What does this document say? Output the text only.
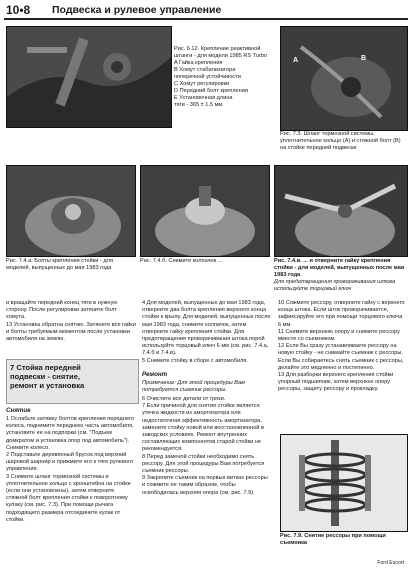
10•8 Подвеска и рулевое управление
Рис. 6.12. Крепление реактивной штанги - для модели 1985 RS Turbo
A Гайка крепления
B Хомут стабилизатора
поперечной устойчивости
C Хомут регулировки
D Передний болт крепления
E Установочная длина
тяги - 365 ± 1.5 мм
A	B
Рис. 7.3. Шланг тормозной системы, уплотнительное кольцо (A) и стяжной болт (B) на стойке передней подвески
Рис. 7.4.а. Болты крепления стойки - для моделей, выпущенных до мая 1983 года
Рис. 7.4.б. Снимите колпачок ...	Рис. 7.4.в. ... и отверните гайку крепления стойки - для моделей, выпущенных после мая 1983 года
Для предотвращения проворачивания штока используйте торцовый ключ
и вращайте передний конец тяги в нужную сторону. После регулировки затяните болт хомута.
13 Установка обратна снятию. Затяните все гайки и болты требуемым моментом после установки автомобиля на землю.
7 Стойка передней
подвески - снятие,
ремонт и установка
Снятие
1 Ослабьте затяжку болтов крепления переднего колеса, поднимите переднюю часть автомобиля, установите ее на подпорки (см. "Подъем домкратом и установка опор под автомобиль"). Снимите колесо.
2 Подставьте деревянный брусок под верхний шаровой шарнир и прижмите его к тяге рулевого управления.
3 Снимите шланг тормозной системы и уплотнительное кольцо с кронштейна на стойке (если они установлены), затем отверните стяжной болт крепления стойки к поворотному кулаку (см. рис. 7.3). При помощи рычага подходящего размера отсоедините кулак от стойки.
4 Для моделей, выпущенных до мая 1983 года, отверните два болта крепления верхнего конца стойки к крылу. Для моделей, выпущенных после мая 1983 года, снимите колпачок, затем отверните гайку крепления стойки. Для предотвращения проворачивания штока порой используйте торцовый ключ 6 мм (см. рис. 7.4.а, 7.4.б и 7.4.в).
5 Снимите стойку в сборе с автомобиля.
Ремонт
Примечание: Для этой процедуры Вам потребуется съемник рессоры.
6 Очистите все детали от грязи.
7 Если причиной для снятия стойки является утечка жидкости из амортизатора или недостаточная эффективность амортизатора, замените стойку новой или восстановленной в заводских условиях. Ремонт внутренних составляющих компонентов старой стойки не рекомендуется.
8 Перед заменой стойки необходимо снять рессору. Для этой процедуры Вам потребуется съемник рессоры.
9 Закрепите съемник на первых витках рессоры и сожмите ее таким образом, чтобы освободилась верхняя опора (см. рис. 7.9).
10 Сожмите рессору, отверните гайку с верхнего конца штока. Если шток проворачивается, зафиксируйте его при помощи торцового ключа 6 мм.
11 Снимите верхнюю опору и снимите рессору вместе со съемником.
12 Если Вы сразу устанавливаете рессору на новую стойку - не снимайте съемник с рессоры. Если Вы собираетесь снять съемник с рессоры, делайте это медленно и постепенно.
13 Для разборки верхнего крепления стойки упорный подшипник, затем верхнюю опору рессоры, защиту рессору и прокладку.
Рис. 7.9. Снятие рессоры при помощи съемника
Ford Escort
